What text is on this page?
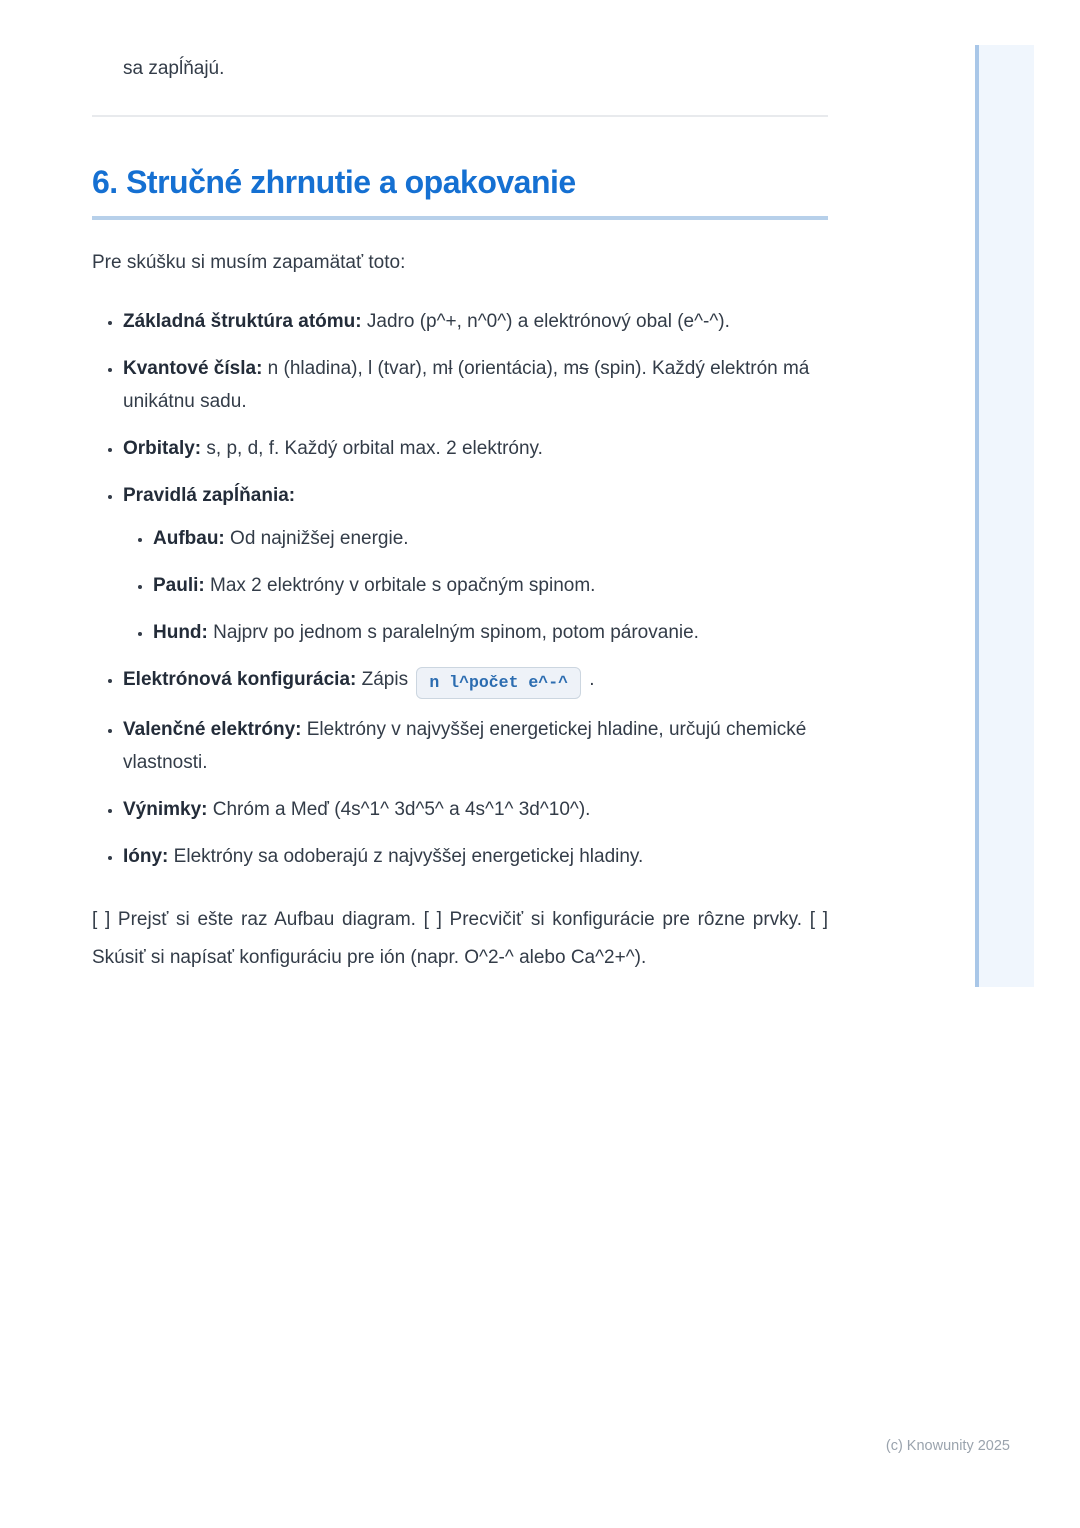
sa zapĺňajú.

6. Stručné zhrnutie a opakovanie

Pre skúšku si musím zapamätať toto:

• Základná štruktúra atómu: Jadro (p^+, n^0^) a elektrónový obal (e^-^).
• Kvantové čísla: n (hladina), l (tvar), ml (orientácia), ms (spin). Každý elektrón má unikátnu sadu.
• Orbitaly: s, p, d, f. Každý orbital max. 2 elektróny.
• Pravidlá zapĺňania:
• Aufbau: Od najnižšej energie.
• Pauli: Max 2 elektróny v orbitale s opačným spinom.
• Hund: Najprv po jednom s paralelným spinom, potom párovanie.
• Elektrónová konfigurácia: Zápis n l^počet e^-^ .
• Valenčné elektróny: Elektróny v najvyššej energetickej hladine, určujú chemické vlastnosti.
• Výnimky: Chróm a Meď (4s^1^ 3d^5^ a 4s^1^ 3d^10^).
• Ióny: Elektróny sa odoberajú z najvyššej energetickej hladiny.

[ ] Prejsť si ešte raz Aufbau diagram. [ ] Precvičiť si konfigurácie pre rôzne prvky. [ ] Skúsiť si napísať konfiguráciu pre ión (napr. O^2-^ alebo Ca^2+^).

(c) Knowunity 2025
